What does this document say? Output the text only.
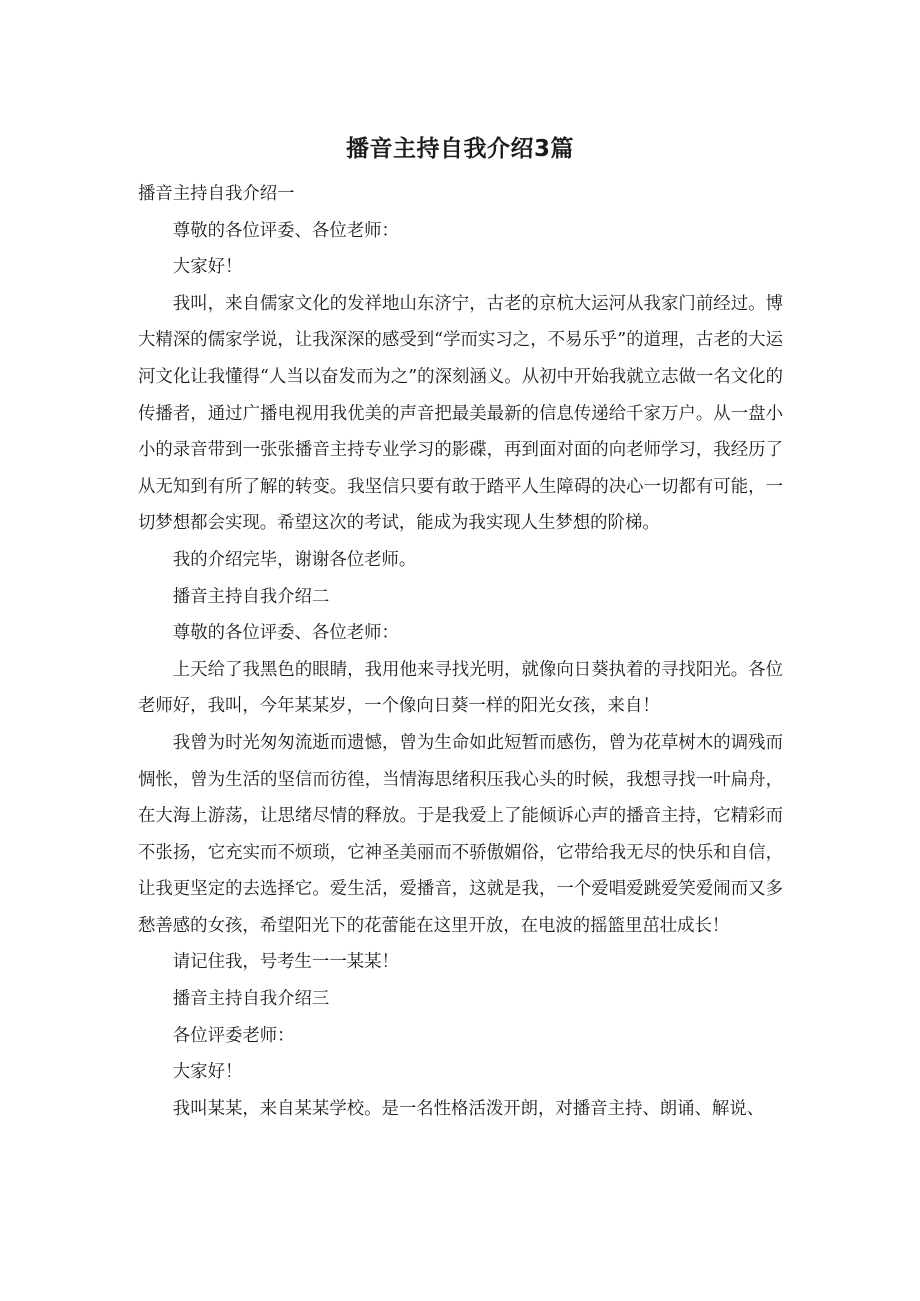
播音主持自我介绍3篇

播音主持自我介绍一

尊敬的各位评委、各位老师：

大家好！

我叫，来自儒家文化的发祥地山东济宁，古老的京杭大运河从我家门前经过。博大精深的儒家学说，让我深深的感受到“学而实习之，不易乐乎”的道理，古老的大运河文化让我懂得“人当以奋发而为之”的深刻涵义。从初中开始我就立志做一名文化的传播者，通过广播电视用我优美的声音把最美最新的信息传递给千家万户。从一盘小小的录音带到一张张播音主持专业学习的影碟，再到面对面的向老师学习，我经历了从无知到有所了解的转变。我坚信只要有敢于踏平人生障碍的决心一切都有可能，一切梦想都会实现。希望这次的考试，能成为我实现人生梦想的阶梯。

我的介绍完毕，谢谢各位老师。

播音主持自我介绍二

尊敬的各位评委、各位老师：

上天给了我黑色的眼睛，我用他来寻找光明，就像向日葵执着的寻找阳光。各位老师好，我叫，今年某某岁，一个像向日葵一样的阳光女孩，来自！

我曾为时光匆匆流逝而遗憾，曾为生命如此短暂而感伤，曾为花草树木的调残而惆怅，曾为生活的坚信而彷徨，当情海思绪积压我心头的时候，我想寻找一叶扁舟，在大海上游荡，让思绪尽情的释放。于是我爱上了能倾诉心声的播音主持，它精彩而不张扬，它充实而不烦琐，它神圣美丽而不骄傲媚俗，它带给我无尽的快乐和自信，让我更坚定的去选择它。爱生活，爱播音，这就是我，一个爱唱爱跳爱笑爱闹而又多愁善感的女孩，希望阳光下的花蕾能在这里开放，在电波的摇篮里茁壮成长！

请记住我，号考生一一某某！

播音主持自我介绍三

各位评委老师：

大家好！

我叫某某，来自某某学校。是一名性格活泼开朗，对播音主持、朗诵、解说、
